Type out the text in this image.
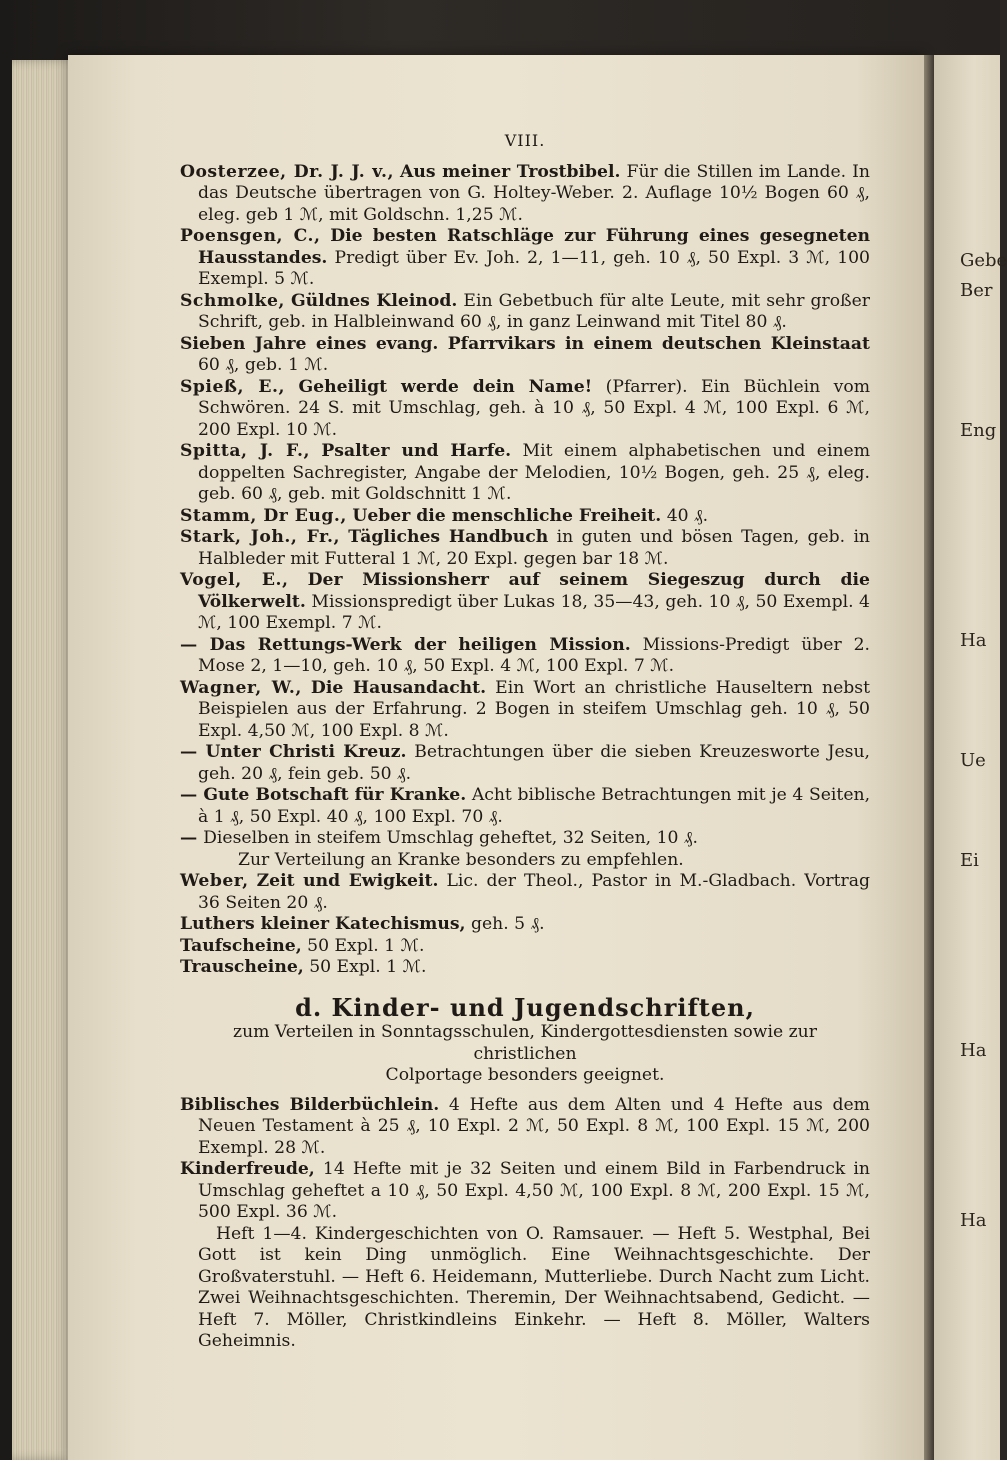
Gebe
Ber
Eng
Ha
Ue
Ei
Ha
Ha
VIII.

Oosterzee, Dr. J. J. v., Aus meiner Trostbibel. Für die Stillen im Lande. In das Deutsche übertragen von G. Holtey-Weber. 2. Auflage 10½ Bogen 60 ₰, eleg. geb 1 ℳ, mit Goldschn. 1,25 ℳ.

Poensgen, C., Die besten Ratschläge zur Führung eines gesegneten Hausstandes. Predigt über Ev. Joh. 2, 1—11, geh. 10 ₰, 50 Expl. 3 ℳ, 100 Exempl. 5 ℳ.

Schmolke, Güldnes Kleinod. Ein Gebetbuch für alte Leute, mit sehr großer Schrift, geb. in Halbleinwand 60 ₰, in ganz Leinwand mit Titel 80 ₰.

Sieben Jahre eines evang. Pfarrvikars in einem deutschen Kleinstaat 60 ₰, geb. 1 ℳ.

Spieß, E., Geheiligt werde dein Name! (Pfarrer). Ein Büchlein vom Schwören. 24 S. mit Umschlag, geh. à 10 ₰, 50 Expl. 4 ℳ, 100 Expl. 6 ℳ, 200 Expl. 10 ℳ.

Spitta, J. F., Psalter und Harfe. Mit einem alphabetischen und einem doppelten Sachregister, Angabe der Melodien, 10½ Bogen, geh. 25 ₰, eleg. geb. 60 ₰, geb. mit Goldschnitt 1 ℳ.

Stamm, Dr Eug., Ueber die menschliche Freiheit. 40 ₰.

Stark, Joh., Fr., Tägliches Handbuch in guten und bösen Tagen, geb. in Halbleder mit Futteral 1 ℳ, 20 Expl. gegen bar 18 ℳ.

Vogel, E., Der Missionsherr auf seinem Siegeszug durch die Völkerwelt. Missionspredigt über Lukas 18, 35—43, geh. 10 ₰, 50 Exempl. 4 ℳ, 100 Exempl. 7 ℳ.

— Das Rettungs-Werk der heiligen Mission. Missions-Predigt über 2. Mose 2, 1—10, geh. 10 ₰, 50 Expl. 4 ℳ, 100 Expl. 7 ℳ.

Wagner, W., Die Hausandacht. Ein Wort an christliche Hauseltern nebst Beispielen aus der Erfahrung. 2 Bogen in steifem Umschlag geh. 10 ₰, 50 Expl. 4,50 ℳ, 100 Expl. 8 ℳ.

— Unter Christi Kreuz. Betrachtungen über die sieben Kreuzesworte Jesu, geh. 20 ₰, fein geb. 50 ₰.

— Gute Botschaft für Kranke. Acht biblische Betrachtungen mit je 4 Seiten, à 1 ₰, 50 Expl. 40 ₰, 100 Expl. 70 ₰.

— Dieselben in steifem Umschlag geheftet, 32 Seiten, 10 ₰.

Zur Verteilung an Kranke besonders zu empfehlen.

Weber, Zeit und Ewigkeit. Lic. der Theol., Pastor in M.-Gladbach. Vortrag 36 Seiten 20 ₰.

Luthers kleiner Katechismus, geh. 5 ₰.

Taufscheine, 50 Expl. 1 ℳ.

Trauscheine, 50 Expl. 1 ℳ.

d. Kinder- und Jugendschriften,
zum Verteilen in Sonntagsschulen, Kindergottesdiensten sowie zur christlichen
Colportage besonders geeignet.

Biblisches Bilderbüchlein. 4 Hefte aus dem Alten und 4 Hefte aus dem Neuen Testament à 25 ₰, 10 Expl. 2 ℳ, 50 Expl. 8 ℳ, 100 Expl. 15 ℳ, 200 Exempl. 28 ℳ.

Kinderfreude, 14 Hefte mit je 32 Seiten und einem Bild in Farbendruck in Umschlag geheftet a 10 ₰, 50 Expl. 4,50 ℳ, 100 Expl. 8 ℳ, 200 Expl. 15 ℳ, 500 Expl. 36 ℳ.

Heft 1—4. Kindergeschichten von O. Ramsauer. — Heft 5. Westphal, Bei Gott ist kein Ding unmöglich. Eine Weihnachtsgeschichte. Der Großvaterstuhl. — Heft 6. Heidemann, Mutterliebe. Durch Nacht zum Licht. Zwei Weihnachtsgeschichten. Theremin, Der Weihnachtsabend, Gedicht. — Heft 7. Möller, Christkindleins Einkehr. — Heft 8. Möller, Walters Geheimnis.
